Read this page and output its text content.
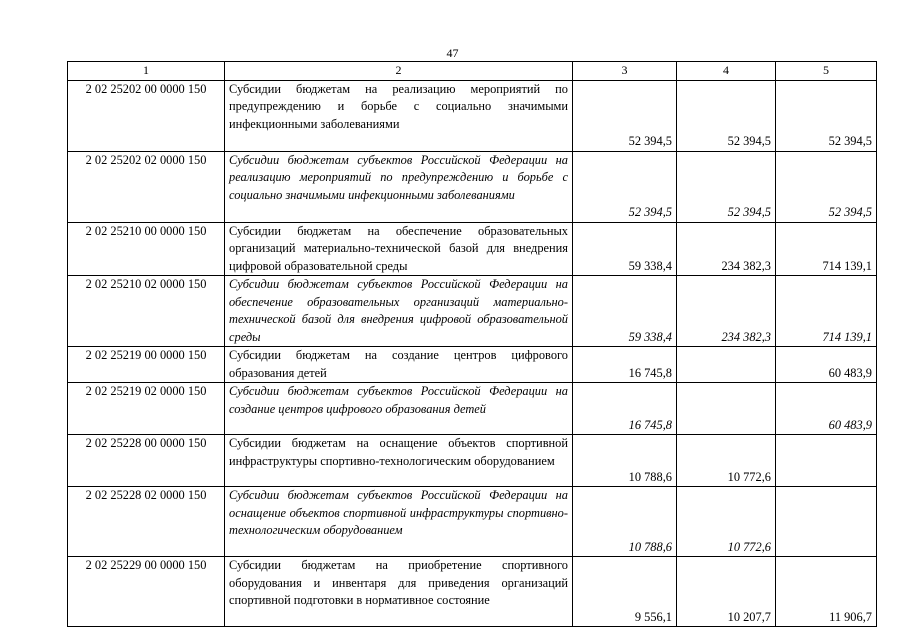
47
1	2	3	4	5
2 02 25202 00 0000 150	Субсидии бюджетам на реализацию мероприятий по предупреждению и борьбе с социально значимыми инфекционными заболеваниями	52 394,5	52 394,5	52 394,5
2 02 25202 02 0000 150	Субсидии бюджетам субъектов Российской Федерации на реализацию мероприятий по предупреждению и борьбе с социально значимыми инфекционными заболеваниями	52 394,5	52 394,5	52 394,5
2 02 25210 00 0000 150	Субсидии бюджетам на обеспечение образовательных организаций материально-технической базой для внедрения цифровой образовательной среды	59 338,4	234 382,3	714 139,1
2 02 25210 02 0000 150	Субсидии бюджетам субъектов Российской Федерации на обеспечение образовательных организаций материально-технической базой для внедрения цифровой образовательной среды	59 338,4	234 382,3	714 139,1
2 02 25219 00 0000 150	Субсидии бюджетам на создание центров цифрового образования детей	16 745,8		60 483,9
2 02 25219 02 0000 150	Субсидии бюджетам субъектов Российской Федерации на создание центров цифрового образования детей	16 745,8		60 483,9
2 02 25228 00 0000 150	Субсидии бюджетам на оснащение объектов спортивной инфраструктуры спортивно-технологическим оборудованием	10 788,6	10 772,6	
2 02 25228 02 0000 150	Субсидии бюджетам субъектов Российской Федерации на оснащение объектов спортивной инфраструктуры спортивно-технологическим оборудованием	10 788,6	10 772,6	
2 02 25229 00 0000 150	Субсидии бюджетам на приобретение спортивного оборудования и инвентаря для приведения организаций спортивной подготовки в нормативное состояние	9 556,1	10 207,7	11 906,7
